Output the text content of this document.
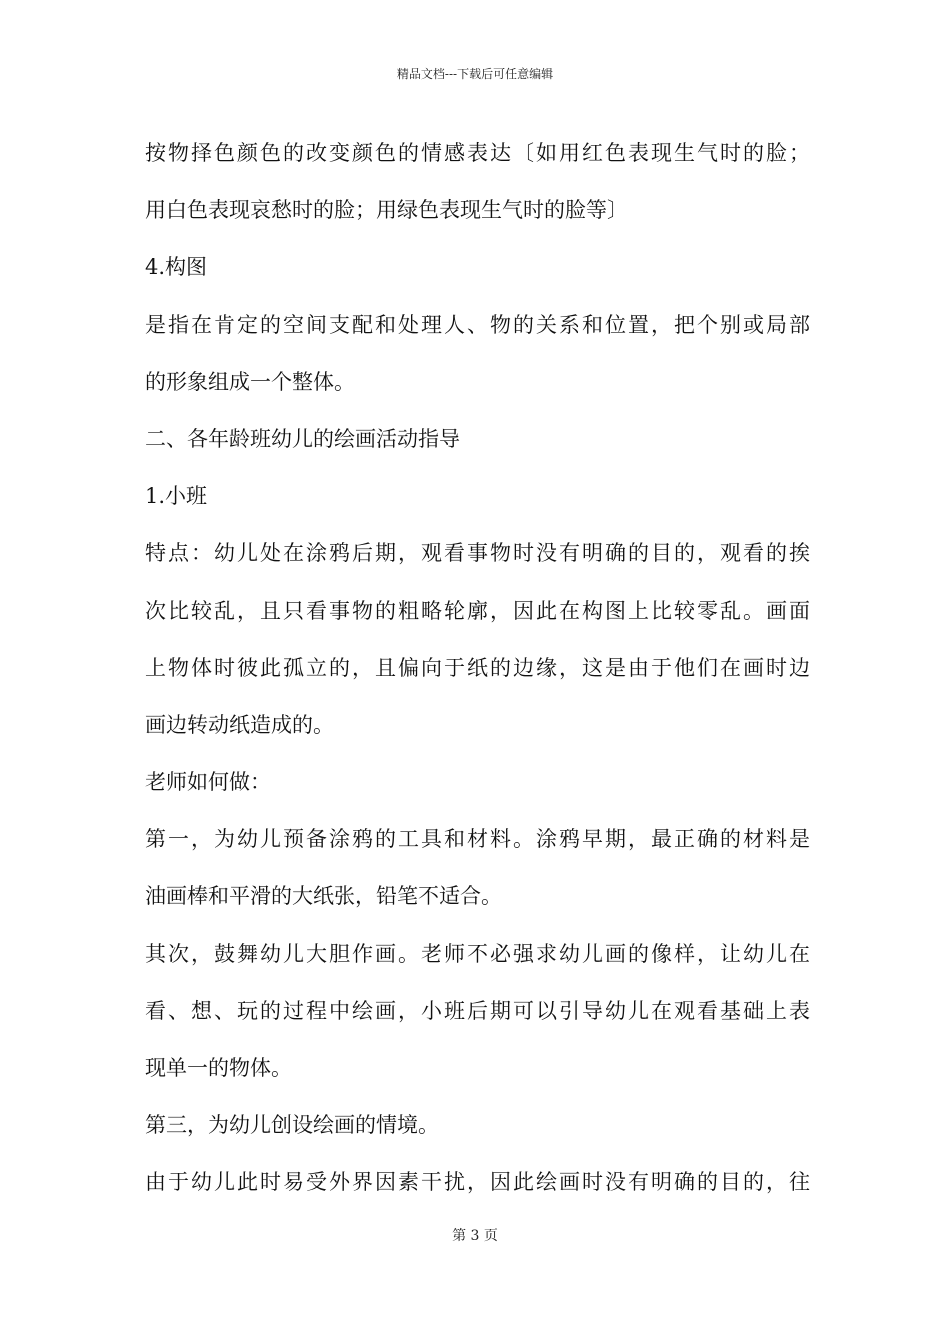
精品文档---下载后可任意编辑
按物择色颜色的改变颜色的情感表达〔如用红色表现生气时的脸；
用白色表现哀愁时的脸；用绿色表现生气时的脸等〕
4.构图
是指在肯定的空间支配和处理人、物的关系和位置，把个别或局部
的形象组成一个整体。
二、各年龄班幼儿的绘画活动指导
1.小班
特点：幼儿处在涂鸦后期，观看事物时没有明确的目的，观看的挨
次比较乱，且只看事物的粗略轮廓，因此在构图上比较零乱。画面
上物体时彼此孤立的，且偏向于纸的边缘，这是由于他们在画时边
画边转动纸造成的。
老师如何做：
第一，为幼儿预备涂鸦的工具和材料。涂鸦早期，最正确的材料是
油画棒和平滑的大纸张，铅笔不适合。
其次，鼓舞幼儿大胆作画。老师不必强求幼儿画的像样，让幼儿在
看、想、玩的过程中绘画，小班后期可以引导幼儿在观看基础上表
现单一的物体。
第三，为幼儿创设绘画的情境。
由于幼儿此时易受外界因素干扰，因此绘画时没有明确的目的，往
第 3 页
